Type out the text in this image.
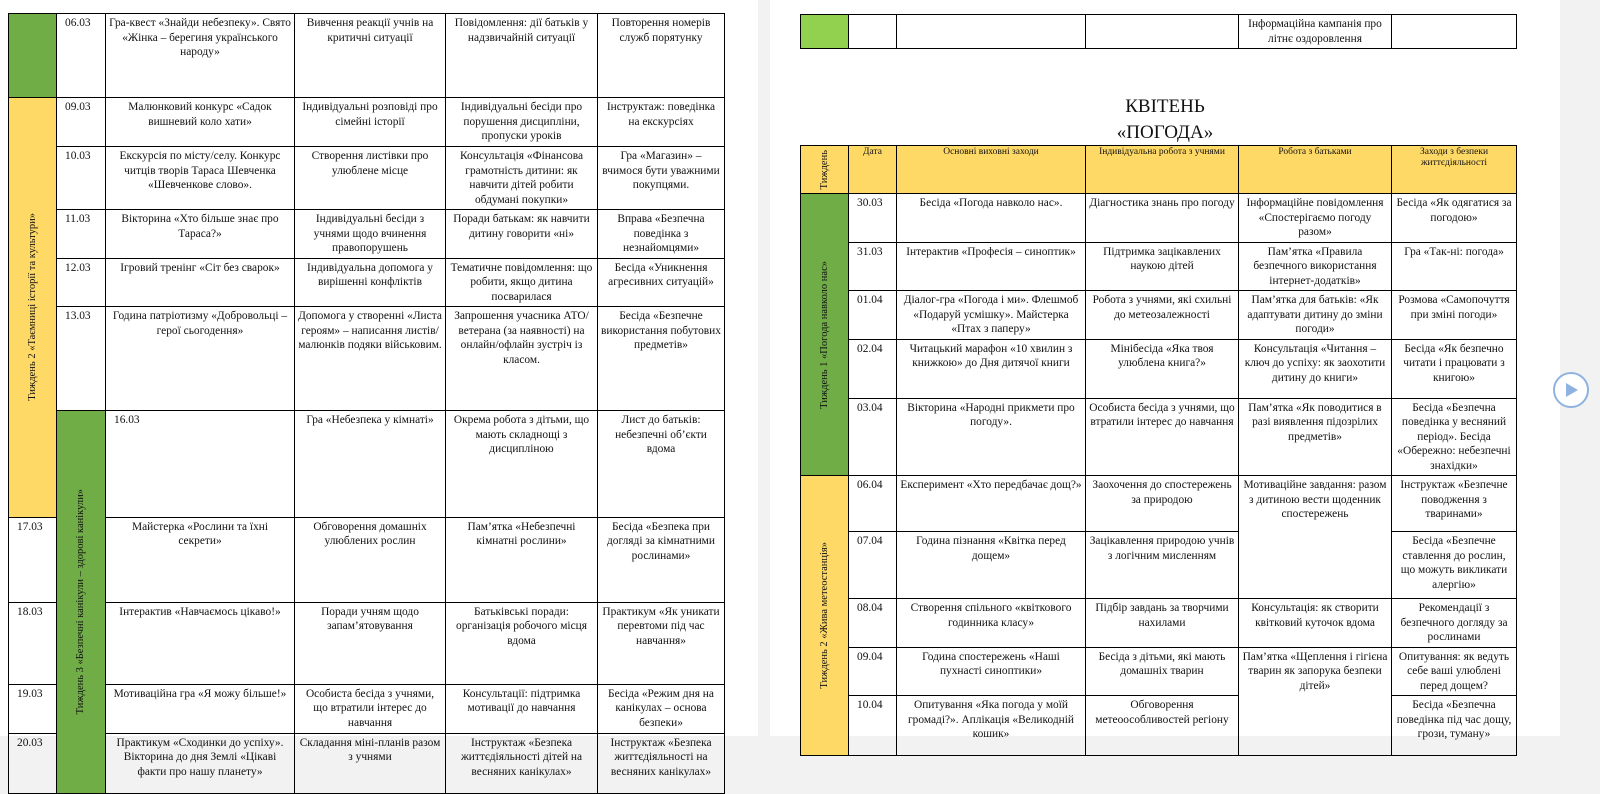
	06.03	Гра-квест «Знайди небезпеку». Свято «Жінка – берегиня українського народу»	Вивчення реакції учнів на критичні ситуації	Повідомлення: дії батьків у надзвичайній ситуації	Повторення номерів служб порятунку	

Тиждень 2 «Таємниці історії та культури»	09.03	Малюнковий конкурс «Садок вишневий коло хати»	Індивідуальні розповіді про сімейні історії	Індивідуальні бесіди про порушення дисципліни, пропуски уроків	Інструктаж: поведінка на екскурсіях	
	10.03	Екскурсія по місту/селу. Конкурс читців творів Тараса Шевченка «Шевченкове слово».	Створення листівки про улюблене місце	Консультація «Фінансова грамотність дитини: як навчити дітей робити обдумані покупки»	Гра «Магазин» – вчимося бути уважними покупцями.	
	11.03	Вікторина «Хто більше знає про Тараса?»	Індивідуальні бесіди з учнями щодо вчинення правопорушень	Поради батькам: як навчити дитину говорити «ні»	Вправа «Безпечна поведінка з незнайомцями»	
	12.03	Ігровий тренінг «Сіт без сварок»	Індивідуальна допомога у вирішенні конфліктів	Тематичне повідомлення: що робити, якщо дитина посварилася	Бесіда «Уникнення агресивних ситуацій»	
	13.03	Година патріотизму «Добровольці – герої сьогодення»	Допомога у створенні «Листа героям» – написання листів/малюнків подяки військовим.	Запрошення учасника АТО/ветерана (за наявності) на онлайн/офлайн зустріч із класом.	Бесіда «Безпечне використання побутових предметів»	

	Тиждень 3 «Безпечні канікули – здорові канікули»	16.03	Гра «Небезпека у кімнаті»	Окрема робота з дітьми, що мають складнощі з дисципліною	Лист до батьків: небезпечні об’єкти вдома	
17.03		Майстерка «Рослини та їхні секрети»	Обговорення домашніх улюблених рослин	Пам’ятка «Небезпечні кімнатні рослини»	Бесіда «Безпека при догляді за кімнатними рослинами»	
18.03		Інтерактив «Навчаємось цікаво!»	Поради учням щодо запам’ятовування	Батьківські поради: організація робочого місця вдома	Практикум «Як уникати перевтоми під час навчання»	
19.03		Мотиваційна гра «Я можу більше!»	Особиста бесіда з учнями, що втратили інтерес до навчання	Консультації: підтримка мотивації до навчання	Бесіда «Режим дня на канікулах – основа безпеки»	
20.03		Практикум «Сходинки до успіху». Вікторина до дня Землі «Цікаві факти про нашу планету»	Складання міні-планів разом з учнями	Інструктаж «Безпека життєдіяльності дітей на весняних канікулах»	Інструктаж «Безпека життєдіяльності на весняних канікулах»	
				Інформаційна кампанія про літнє оздоровлення	
КВІТЕНЬ
«ПОГОДА»
Тиждень	Дата	Основні виховні заходи	Індивідуальна робота з учнями	Робота з батьками	Заходи з безпеки життєдіяльності

Тиждень 1 «Погода навколо нас»	30.03	Бесіда «Погода навколо нас».	Діагностика знань про погоду	Інформаційне повідомлення «Спостерігаємо погоду разом»	Бесіда «Як одягатися за погодою»
	31.03	Інтерактив «Професія – синоптик»	Підтримка зацікавлених наукою дітей	Пам’ятка «Правила безпечного використання інтернет-додатків»	Гра «Так-ні: погода»
	01.04	Діалог-гра «Погода і ми». Флешмоб «Подаруй усмішку». Майстерка «Птах з паперу»	Робота з учнями, які схильні до метеозалежності	Пам’ятка для батьків: «Як адаптувати дитину до зміни погоди»	Розмова «Самопочуття при зміні погоди»
	02.04	Читацький марафон «10 хвилин з книжкою» до Дня дитячої книги	Мінібесіда «Яка твоя улюблена книга?»	Консультація «Читання – ключ до успіху: як заохотити дитину до книги»	Бесіда «Як безпечно читати і працювати з книгою»
	03.04	Вікторина «Народні прикмети про погоду».	Особиста бесіда з учнями, що втратили інтерес до навчання	Пам’ятка «Як поводитися в разі виявлення підозрілих предметів»	Бесіда «Безпечна поведінка у весняний період». Бесіда «Обережно: небезпечні знахідки»

Тиждень 2 «Жива метеостанція»	06.04	Експеримент «Хто передбачає дощ?»	Заохочення до спостережень за природою	Мотиваційне завдання: разом з дитиною вести щоденник спостережень	Інструктаж «Безпечне поводження з тваринами»
	07.04	Година пізнання «Квітка перед дощем»	Зацікавлення природою учнів з логічним мисленням		Бесіда «Безпечне ставлення до рослин, що можуть викликати алергію»
	08.04	Створення спільного «квіткового годинника класу»	Підбір завдань за творчими нахилами	Консультація: як створити квітковий куточок вдома	Рекомендації з безпечного догляду за рослинами
	09.04	Година спостережень «Наші пухнасті синоптики»	Бесіда з дітьми, які мають домашніх тварин	Пам’ятка «Щеплення і гігієна тварин як запорука безпеки дітей»	Опитування: як ведуть себе ваші улюблені перед дощем?
	10.04	Опитування «Яка погода у моїй громаді?». Аплікація «Великодній кошик»	Обговорення метеоособливостей регіону		Бесіда «Безпечна поведінка під час дощу, грози, туману»
